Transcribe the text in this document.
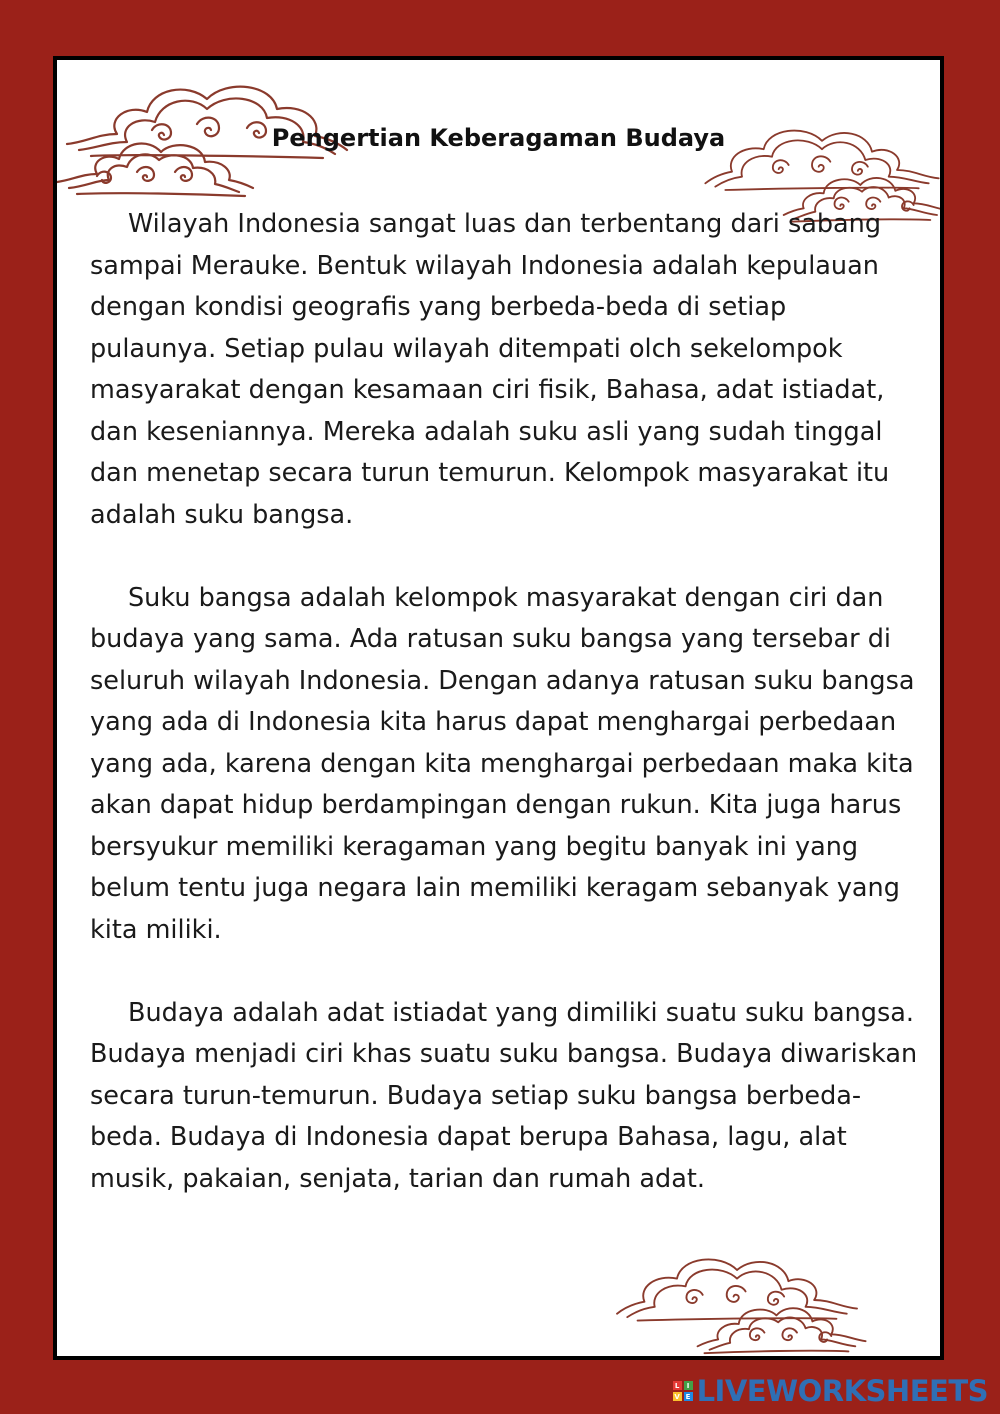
Pengertian Keberagaman Budaya

Wilayah Indonesia sangat luas dan terbentang dari sabang sampai Merauke. Bentuk wilayah Indonesia adalah kepulauan dengan kondisi geografis yang berbeda-beda di setiap pulaunya. Setiap pulau wilayah ditempati olch sekelompok masyarakat dengan kesamaan ciri fisik, Bahasa, adat istiadat, dan keseniannya. Mereka adalah suku asli yang sudah tinggal dan menetap secara turun temurun. Kelompok masyarakat itu adalah suku bangsa.

Suku bangsa adalah kelompok masyarakat dengan ciri dan budaya yang sama. Ada ratusan suku bangsa yang tersebar di seluruh wilayah Indonesia. Dengan adanya ratusan suku bangsa yang ada di Indonesia kita harus dapat menghargai perbedaan yang ada, karena dengan kita menghargai perbedaan maka kita akan dapat hidup berdampingan dengan rukun. Kita juga harus bersyukur memiliki keragaman yang begitu banyak ini yang belum tentu juga negara lain memiliki keragam sebanyak yang kita miliki.

Budaya adalah adat istiadat yang dimiliki suatu suku bangsa. Budaya menjadi ciri khas suatu suku bangsa. Budaya diwariskan secara turun-temurun. Budaya setiap suku bangsa berbeda-beda. Budaya di Indonesia dapat berupa Bahasa, lagu, alat musik, pakaian, senjata, tarian dan rumah adat.

L	I
V E LIVEWORKSHEETS
